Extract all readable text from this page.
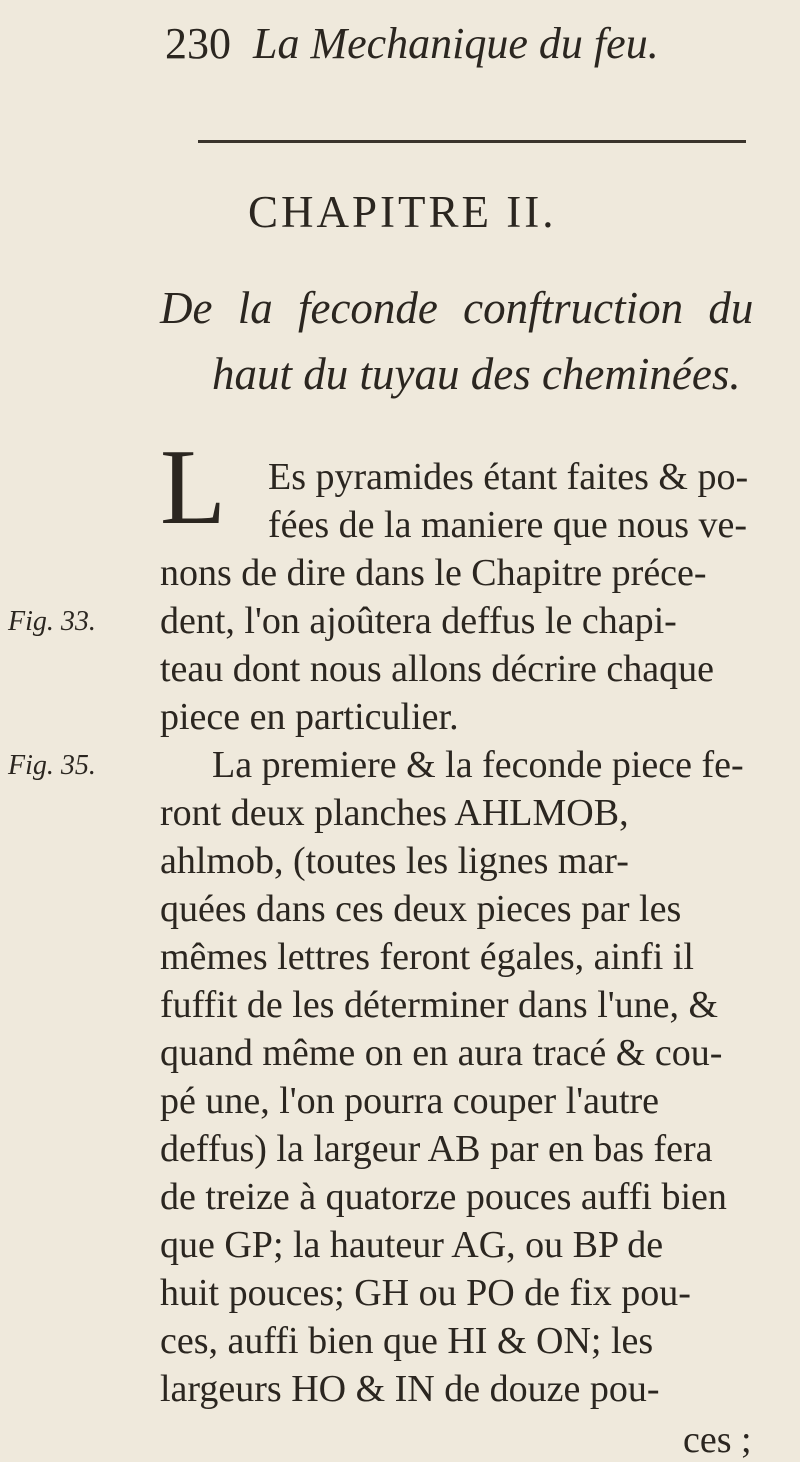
230 La Mechanique du feu.
CHAPITRE II.
De la feconde conftruction du
haut du tuyau des cheminées.
L
Fig. 33.
Fig. 35.
Es pyramides étant faites & po-
fées de la maniere que nous ve-
nons de dire dans le Chapitre préce-
dent, l'on ajoûtera deffus le chapi-
teau dont nous allons décrire chaque
piece en particulier.
La premiere & la feconde piece fe-
ront deux planches AHLMOB,
ahlmob, (toutes les lignes mar-
quées dans ces deux pieces par les
mêmes lettres feront égales, ainfi il
fuffit de les déterminer dans l'une, &
quand même on en aura tracé & cou-
pé une, l'on pourra couper l'autre
deffus) la largeur AB par en bas fera
de treize à quatorze pouces auffi bien
que GP; la hauteur AG, ou BP de
huit pouces; GH ou PO de fix pou-
ces, auffi bien que HI & ON; les
largeurs HO & IN de douze pou-
ces ;
